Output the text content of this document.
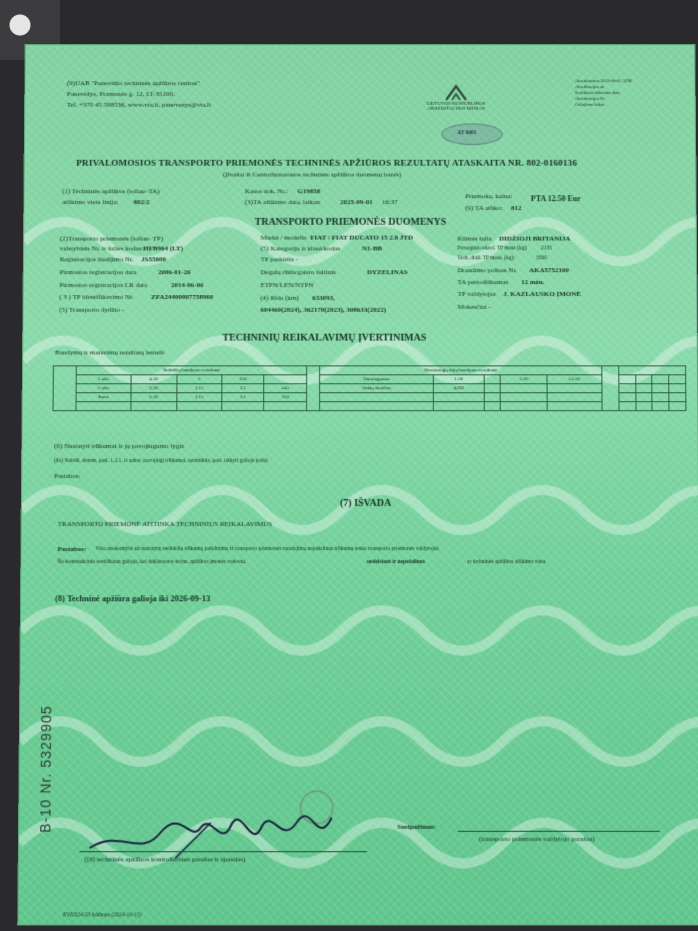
(9)UAB "Panevėžio techninės apžiūros centras"
Panevėžys, Pramonės g. 12, LT-35100,
Tel. +370 45 508536, www.vta.lt, panevezys@vta.lt	LIETUVOS RESPUBLIKOS
AKREDITACIJOS BIURAS
AT 0001
Akreditavimo 2022-06-01 ATM
Akreditacijos sk.
Sertifikato išdavimo data
Akreditacijos Nr.
Galiojimo laikas
PRIVALOMOSIOS TRANSPORTO PRIEMONĖS TECHNINĖS APŽIŪROS REZULTATŲ ATASKAITA NR. 802-0160136
(Įbrašai iš Centralizuotosios techninės apžiūros duomenų bazės)
(1) Techninės apžiūros (toliau–TA)
atlikimo vieta linija: 802/2
Kasos dok. Nr.: G19858
(3)TA atlikimo data, laikas:	2025-09-01 16:37
Priemoka, kaina: PTA 12.50 Eur
(9) TA atliko: 812
TRANSPORTO PRIEMONĖS DUOMENYS
(2)Transporto priemonės (toliau- TP)
valstybinis Nr. ir šalies kodas: HFB964 (LT)
Registracijos liudijimo Nr. JS55800
Pirmosios registracijos data	2006-01-26
Pirmosios registracijos LR data	2014-06-06
( 3 ) TP identifikavimo Nr. ZFA24400007758960
(5) Transporto dydžio -
Markė / modelis FIAT / FIAT DUCATO 15 2.8 JTD
(5) Kategorija ir klasė/kodas	N1-BB
TP paskirtis -
Degalų rūšis/gaisro šaltinis	DYZELINAS
ETPN/LEN/NTPN
(4) Rida (km) 633093,
604460(2024), 362170(2023), 308633(2022)
Kilmės šalis DIDŽIOJI BRITANIJA
Pavarginio ekzol. TP masė (kg): 2135
Tech. didž. TP masė, (kg):	3500
Draudimo polisas Nr. AKA5752100
TA periodiškumas 12 mėn.
TP valdytojas J. KAZLAUSKO ĮMONĖ
Mokesčiai -
TECHNINIŲ REIKALAVIMŲ ĮVERTINIMAS
Bandymų ir matavimų rezultatų lentelė
	Stabdžių bandymo rezultatai						Išmetamųjų dujų bandymo rezultatai									
	1 ašis	4.50	1	250			Dūmingumas	1.00		1.00	≤1.00					
	2 ašis	2.50	2.11	3.1	≥45		Sūkių skaičius	4250								
	Ratai	2.50	2.11	3.1	250											

(6) Nustatyti trūkumai ir jų pavojingumo lygis
(6a) Stabdž. sistem. pasl. 1.2.1. ir ankst. pavojingi trūkumai, neatitiktis, pasl. taikyti galioja įrašai
Pastabos:
(7) IŠVADA
TRANSPORTO PRIEMONĖ ATITINKA TECHNINIUS REIKALAVIMUS
Pastabos: Visa atsakomybė už nustatytų nedidelių trūkumų pašalinimą iš transporto priemonės naudojimą nepašalinus trūkumų tenka transporto priemonės valdytojui.
Šis konstrukcinis sertifikatas galioja, kai deklaruotos techn. apžiūros įmonės vadovui,	nedelsiant ir nepašalinus	ar techninės apžiūros atlikimo vieta
(8) Techninė apžiūra galioja iki 2026-09-13
B-10 Nr. 5329905
((9) techninės apžiūros kontrolieriaus parašas ir spaudas)
Susipažinau:
(transporto priemonės valdytojo parašas)
KVI2024/20 leidimas (2024-10-15)
